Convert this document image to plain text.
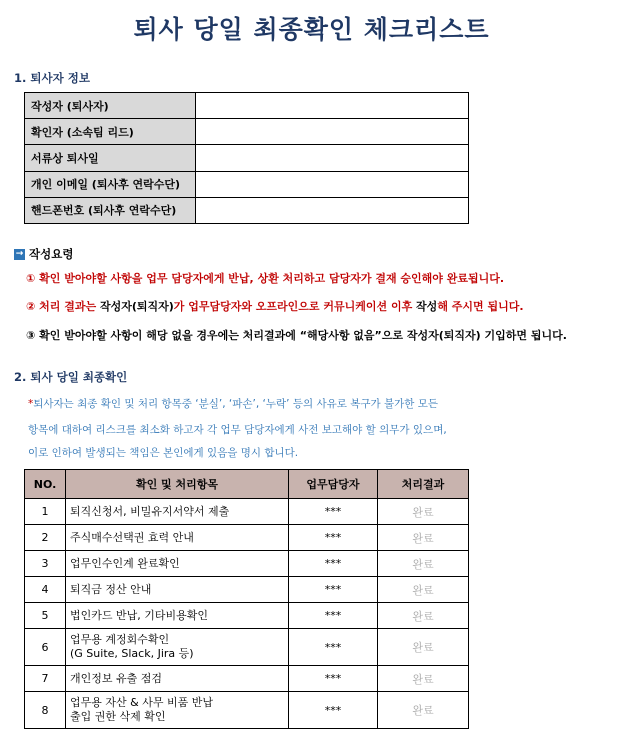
퇴사 당일 최종확인 체크리스트
1. 퇴사자 정보
작성자 (퇴사자)	
확인자 (소속팀 리드)	
서류상 퇴사일	
개인 이메일 (퇴사후 연락수단)	
핸드폰번호 (퇴사후 연락수단)	
→ 작성요령
① 확인 받아야할 사항을 업무 담당자에게 반납, 상환 처리하고 담당자가 결재 승인해야 완료됩니다.
② 처리 결과는 작성자(퇴직자)가 업무담당자와 오프라인으로 커뮤니케이션 이후 작성해 주시면 됩니다.
③ 확인 받아야할 사항이 해당 없을 경우에는 처리결과에 “해당사항 없음”으로 작성자(퇴직자) 기입하면 됩니다.
2. 퇴사 당일 최종확인
*퇴사자는 최종 확인 및 처리 항목중 ‘분실’, ‘파손’, ‘누락’ 등의 사유로 복구가 불가한 모든
항목에 대하여 리스크를 최소화 하고자 각 업무 담당자에게 사전 보고해야 할 의무가 있으며,
이로 인하여 발생되는 책임은 본인에게 있음을 명시 합니다.
NO.	확인 및 처리항목	업무담당자	처리결과
1	퇴직신청서, 비밀유지서약서 제출	***	완료
2	주식매수선택권 효력 안내	***	완료
3	업무인수인계 완료확인	***	완료
4	퇴직금 정산 안내	***	완료
5	법인카드 반납, 기타비용확인	***	완료
6	업무용 계정회수확인
(G Suite, Slack, Jira 등)	***	완료
7	개인정보 유출 점검	***	완료
8	업무용 자산 & 사무 비품 반납
출입 권한 삭제 확인	***	완료
